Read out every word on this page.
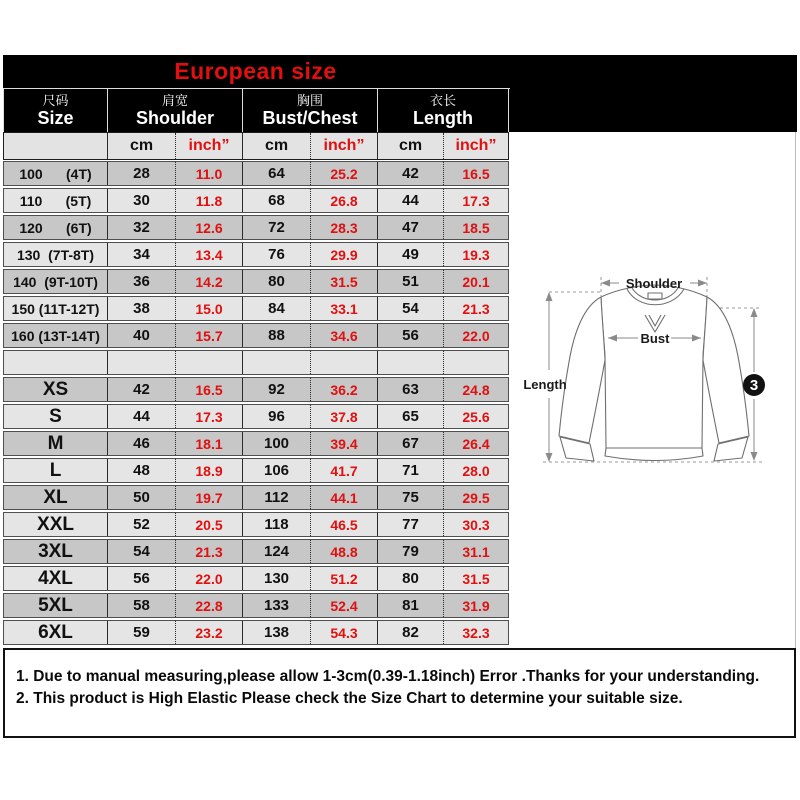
European size
尺码
Size
肩宽
Shoulder
胸围
Bust/Chest
衣长
Length
cm	inch”	cm	inch”	cm	inch”
100      (4T)	28	11.0	64	25.2	42	16.5
110      (5T)	30	11.8	68	26.8	44	17.3
120      (6T)	32	12.6	72	28.3	47	18.5
130  (7T-8T)	34	13.4	76	29.9	49	19.3
140  (9T-10T)	36	14.2	80	31.5	51	20.1
150 (11T-12T)	38	15.0	84	33.1	54	21.3
160 (13T-14T)	40	15.7	88	34.6	56	22.0
XS	42	16.5	92	36.2	63	24.8
S	44	17.3	96	37.8	65	25.6
M	46	18.1	100	39.4	67	26.4
L	48	18.9	106	41.7	71	28.0
XL	50	19.7	112	44.1	75	29.5
XXL	52	20.5	118	46.5	77	30.3
3XL	54	21.3	124	48.8	79	31.1
4XL	56	22.0	130	51.2	80	31.5
5XL	58	22.8	133	52.4	81	31.9
6XL	59	23.2	138	54.3	82	32.3
Shoulder
Bust
Length	3
1. Due to manual measuring,please allow 1-3cm(0.39-1.18inch) Error .Thanks for your understanding.
2. This product is High Elastic Please check the Size Chart to determine your suitable size.
